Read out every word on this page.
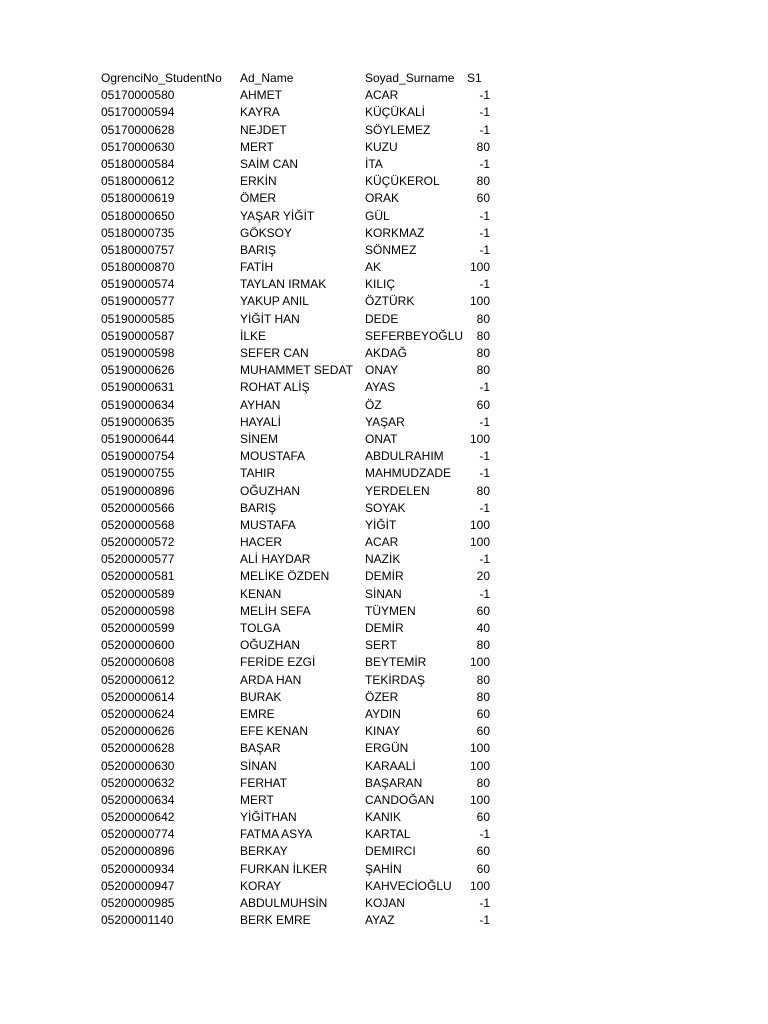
OgrenciNo_StudentNo	Ad_Name	Soyad_Surname	S1
05170000580	AHMET	ACAR	-1
05170000594	KAYRA	KÜÇÜKALİ	-1
05170000628	NEJDET	SÖYLEMEZ	-1
05170000630	MERT	KUZU	80
05180000584	SAİM CAN	İTA	-1
05180000612	ERKİN	KÜÇÜKEROL	80
05180000619	ÖMER	ORAK	60
05180000650	YAŞAR YİĞİT	GÜL	-1
05180000735	GÖKSOY	KORKMAZ	-1
05180000757	BARIŞ	SÖNMEZ	-1
05180000870	FATİH	AK	100
05190000574	TAYLAN IRMAK	KILIÇ	-1
05190000577	YAKUP ANIL	ÖZTÜRK	100
05190000585	YİĞİT HAN	DEDE	80
05190000587	İLKE	SEFERBEYOĞLU	80
05190000598	SEFER CAN	AKDAĞ	80
05190000626	MUHAMMET SEDAT	ONAY	80
05190000631	ROHAT ALİŞ	AYAS	-1
05190000634	AYHAN	ÖZ	60
05190000635	HAYALİ	YAŞAR	-1
05190000644	SİNEM	ONAT	100
05190000754	MOUSTAFA	ABDULRAHIM	-1
05190000755	TAHIR	MAHMUDZADE	-1
05190000896	OĞUZHAN	YERDELEN	80
05200000566	BARIŞ	SOYAK	-1
05200000568	MUSTAFA	YİĞİT	100
05200000572	HACER	ACAR	100
05200000577	ALİ HAYDAR	NAZİK	-1
05200000581	MELİKE ÖZDEN	DEMİR	20
05200000589	KENAN	SİNAN	-1
05200000598	MELİH SEFA	TÜYMEN	60
05200000599	TOLGA	DEMİR	40
05200000600	OĞUZHAN	SERT	80
05200000608	FERİDE EZGİ	BEYTEMİR	100
05200000612	ARDA HAN	TEKİRDAŞ	80
05200000614	BURAK	ÖZER	80
05200000624	EMRE	AYDIN	60
05200000626	EFE KENAN	KINAY	60
05200000628	BAŞAR	ERGÜN	100
05200000630	SİNAN	KARAALİ	100
05200000632	FERHAT	BAŞARAN	80
05200000634	MERT	CANDOĞAN	100
05200000642	YİĞİTHAN	KANIK	60
05200000774	FATMA ASYA	KARTAL	-1
05200000896	BERKAY	DEMIRCI	60
05200000934	FURKAN İLKER	ŞAHİN	60
05200000947	KORAY	KAHVECİOĞLU	100
05200000985	ABDULMUHSİN	KOJAN	-1
05200001140	BERK EMRE	AYAZ	-1
